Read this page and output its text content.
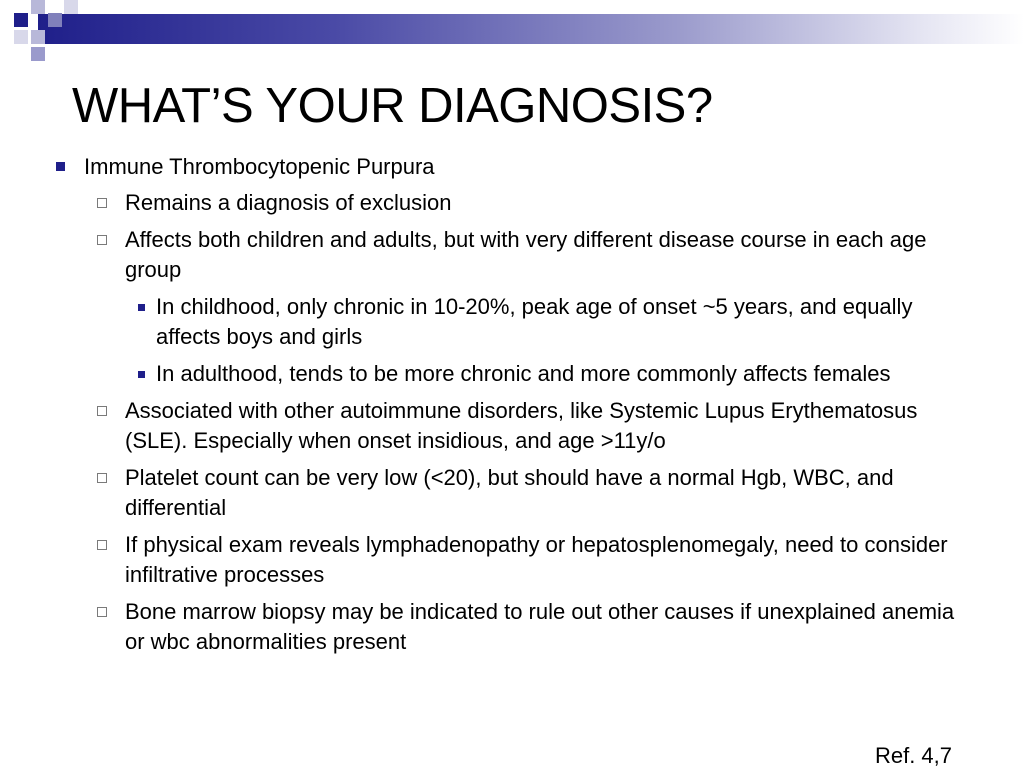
WHAT’S YOUR DIAGNOSIS?

Immune Thrombocytopenic Purpura

Remains a diagnosis of exclusion

Affects both children and adults, but with very different disease course in each age group

In childhood, only chronic in 10-20%, peak age of onset ~5 years, and equally affects boys and girls

In adulthood, tends to be more chronic and more commonly affects females

Associated with other autoimmune disorders, like Systemic Lupus Erythematosus (SLE). Especially when onset insidious, and age >11y/o

Platelet count can be very low (<20), but should have a normal Hgb, WBC, and differential

If physical exam reveals lymphadenopathy or hepatosplenomegaly, need to consider infiltrative processes

Bone marrow biopsy may be indicated to rule out other causes if unexplained anemia or wbc abnormalities present

Ref. 4,7
